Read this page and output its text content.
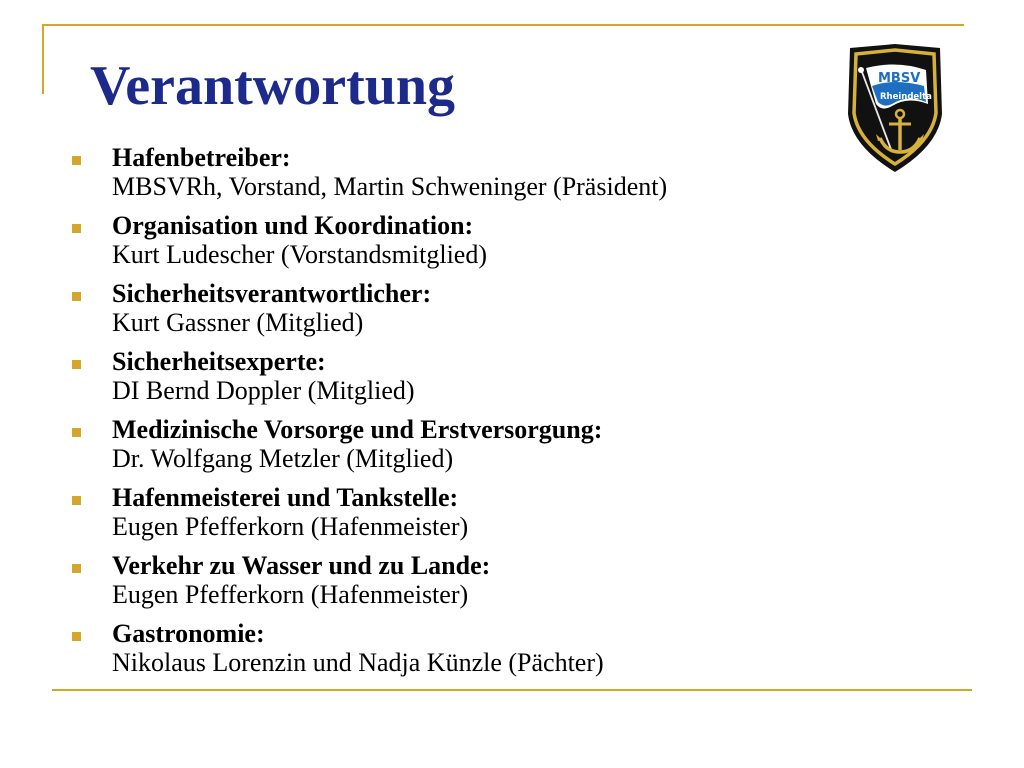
Verantwortung	MBSV
Rheindelta
Hafenbetreiber:
MBSVRh, Vorstand, Martin Schweninger (Präsident)
Organisation und Koordination:
Kurt Ludescher (Vorstandsmitglied)
Sicherheitsverantwortlicher:
Kurt Gassner (Mitglied)
Sicherheitsexperte:
DI Bernd Doppler (Mitglied)
Medizinische Vorsorge und Erstversorgung:
Dr. Wolfgang Metzler (Mitglied)
Hafenmeisterei und Tankstelle:
Eugen Pfefferkorn (Hafenmeister)
Verkehr zu Wasser und zu Lande:
Eugen Pfefferkorn (Hafenmeister)
Gastronomie:
Nikolaus Lorenzin und Nadja Künzle (Pächter)
